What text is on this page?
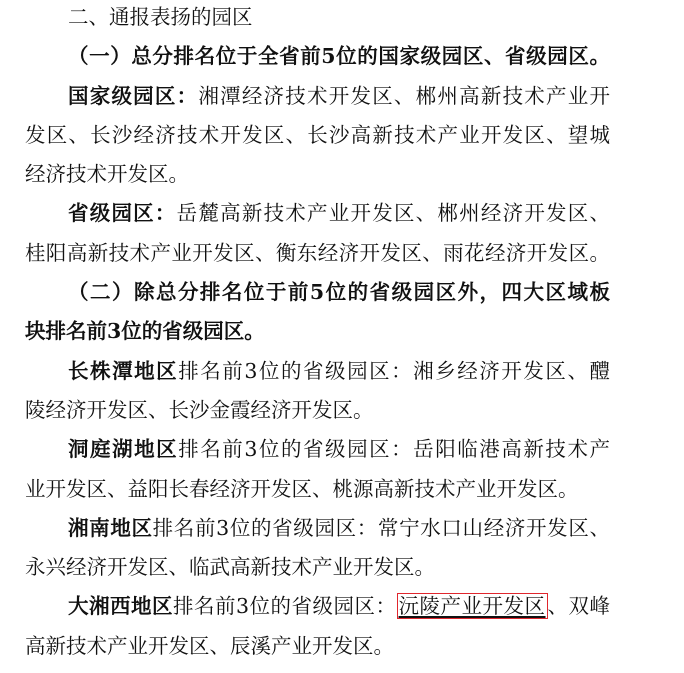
二、通报表扬的园区
（一）总分排名位于全省前5位的国家级园区、省级园区。
国家级园区：湘潭经济技术开发区、郴州高新技术产业开
发区、长沙经济技术开发区、长沙高新技术产业开发区、望城
经济技术开发区。
省级园区：岳麓高新技术产业开发区、郴州经济开发区、
桂阳高新技术产业开发区、衡东经济开发区、雨花经济开发区。
（二）除总分排名位于前5位的省级园区外，四大区域板
块排名前3位的省级园区。
长株潭地区排名前3位的省级园区：湘乡经济开发区、醴
陵经济开发区、长沙金霞经济开发区。
洞庭湖地区排名前3位的省级园区：岳阳临港高新技术产
业开发区、益阳长春经济开发区、桃源高新技术产业开发区。
湘南地区排名前3位的省级园区：常宁水口山经济开发区、
永兴经济开发区、临武高新技术产业开发区。
大湘西地区排名前3位的省级园区：沅陵产业开发区、双峰
高新技术产业开发区、辰溪产业开发区。
